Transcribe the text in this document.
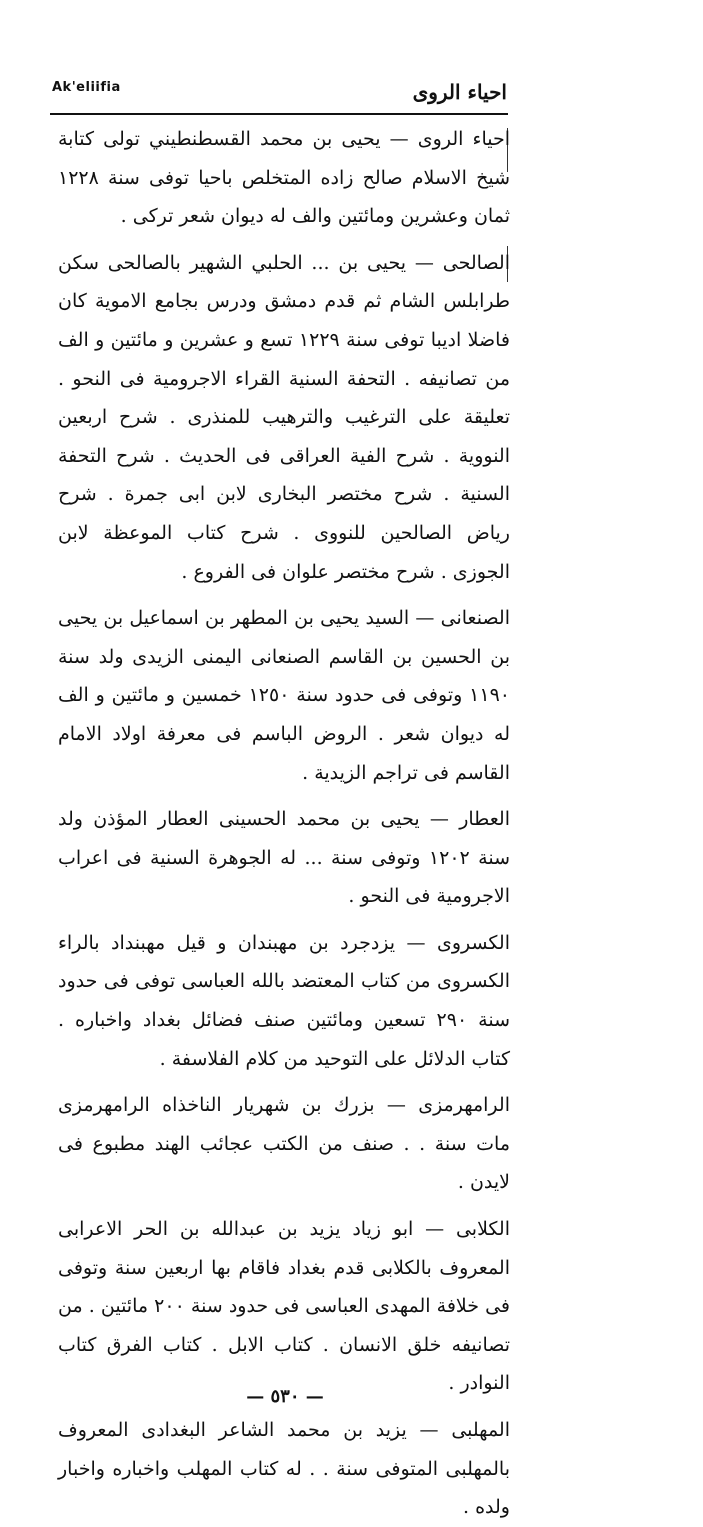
Ak'eliifia	احياء الروى

احياء الروى — يحيى بن محمد القسطنطيني تولى كتابة شيخ الاسلام صالح زاده المتخلص باحيا توفى سنة ١٢٢٨ ثمان وعشرين ومائتين والف له ديوان شعر تركى .

الصالحى — يحيى بن ... الحلبي الشهير بالصالحى سكن طرابلس الشام ثم قدم دمشق ودرس بجامع الاموية كان فاضلا اديبا توفى سنة ١٢٢٩ تسع و عشرين و مائتين و الف من تصانيفه . التحفة السنية القراء الاجرومية فى النحو . تعليقة على الترغيب والترهيب للمنذرى . شرح اربعين النووية . شرح الفية العراقى فى الحديث . شرح التحفة السنية . شرح مختصر البخارى لابن ابى جمرة . شرح رياض الصالحين للنووى . شرح كتاب الموعظة لابن الجوزى . شرح مختصر علوان فى الفروع .

الصنعانى — السيد يحيى بن المطهر بن اسماعيل بن يحيى بن الحسين بن القاسم الصنعانى اليمنى الزيدى ولد سنة ١١٩٠ وتوفى فى حدود سنة ١٢٥٠ خمسين و مائتين و الف له ديوان شعر . الروض الباسم فى معرفة اولاد الامام القاسم فى تراجم الزيدية .

العطار — يحيى بن محمد الحسينى العطار المؤذن ولد سنة ١٢٠٢ وتوفى سنة ... له الجوهرة السنية فى اعراب الاجرومية فى النحو .

الكسروى — يزدجرد بن مهبندان و قيل مهبنداد بالراء الكسروى من كتاب المعتضد بالله العباسى توفى فى حدود سنة ٢٩٠ تسعين ومائتين صنف فضائل بغداد واخباره . كتاب الدلائل على التوحيد من كلام الفلاسفة .

الرامهرمزى — بزرك بن شهريار الناخذاه الرامهرمزى مات سنة . . صنف من الكتب عجائب الهند مطبوع فى لايدن .

الكلابى — ابو زياد يزيد بن عبدالله بن الحر الاعرابى المعروف بالكلابى قدم بغداد فاقام بها اربعين سنة وتوفى فى خلافة المهدى العباسى فى حدود سنة ٢٠٠ مائتين . من تصانيفه خلق الانسان . كتاب الابل . كتاب الفرق كتاب النوادر .

المهلبى — يزيد بن محمد الشاعر البغدادى المعروف بالمهلبى المتوفى سنة . . له كتاب المهلب واخباره واخبار ولده .

— ٥٣٠ —
